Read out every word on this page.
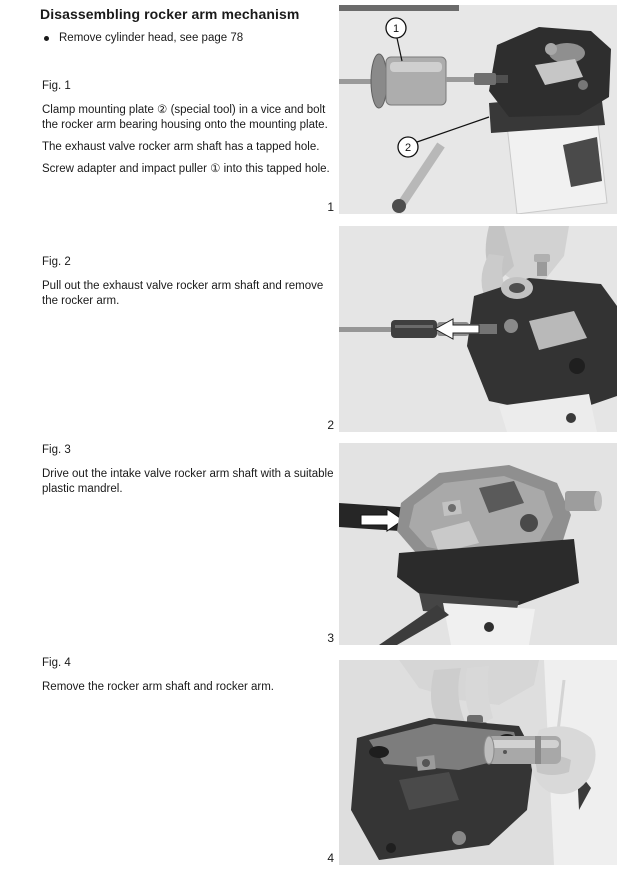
Disassembling rocker arm mechanism
Remove cylinder head, see page 78
Fig. 1

Clamp mounting plate ② (special tool) in a vice and bolt the rocker arm bearing housing onto the mounting plate.

The exhaust valve rocker arm shaft has a tapped hole.

Screw adapter and impact puller ① into this tapped hole.

Fig. 2

Pull out the exhaust valve rocker arm shaft and remove the rocker arm.

Fig. 3

Drive out the intake valve rocker arm shaft with a suitable plastic mandrel.

Fig. 4

Remove the rocker arm shaft and rocker arm.

2
1
1
2
3
4
